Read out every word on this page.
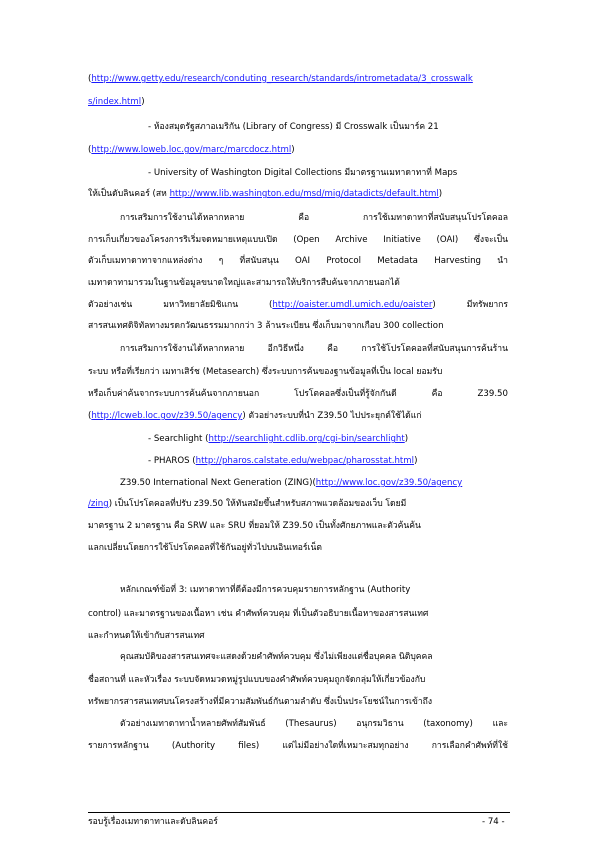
(http://www.getty.edu/research/conduting_research/standards/intrometadata/3_crosswalk
s/index.html)
- ห้องสมุดรัฐสภาอเมริกัน (Library of Congress) มี Crosswalk เป็นมาร์ค 21
(http://www.loweb.loc.gov/marc/marcdocz.html)
- University of Washington Digital Collections มีมาตรฐานเมทาดาทาที่ Maps
ให้เป็นดับลินคอร์ (สห http://www.lib.washington.edu/msd/mig/datadicts/default.html)
การเสริมการใช้งานได้หลากหลาย คือ การใช้เมทาดาทาที่สนับสนุนโปรโตคอล
การเก็บเกี่ยวของโครงการริเริ่มจดหมายเหตุแบบเปิด (Open Archive Initiative (OAI) ซึ่งจะเป็น
ตัวเก็บเมทาดาทาจากแหล่งต่าง ๆ ที่สนับสนุน OAI Protocol Metadata Harvesting นำ
เมทาดาทามารวมในฐานข้อมูลขนาดใหญ่และสามารถให้บริการสืบค้นจากภายนอกได้
ตัวอย่างเช่น มหาวิทยาลัยมิชิแกน (http://oaister.umdl.umich.edu/oaister) มีทรัพยากร
สารสนเทศดิจิทัลทางมรดกวัฒนธรรมมากกว่า 3 ล้านระเบียน ซึ่งเก็บมาจากเกือบ 300 collection
การเสริมการใช้งานได้หลากหลาย อีกวิธีหนึ่ง คือ การใช้โปรโตคอลที่สนับสนุนการค้นร้าน
ระบบ หรือที่เรียกว่า เมทาเสิร์ช (Metasearch) ซึ่งระบบการค้นของฐานข้อมูลที่เป็น local ยอมรับ
หรือเก็บค่าค้นจากระบบการค้นค้นจากภายนอก โปรโตคอลซึ่งเป็นที่รู้จักกันดี คือ Z39.50
(http://lcweb.loc.gov/z39.50/agency) ตัวอย่างระบบที่นำ Z39.50 ไปประยุกต์ใช้ได้แก่
- Searchlight (http://searchlight.cdlib.org/cgi-bin/searchlight)
- PHAROS (http://pharos.calstate.edu/webpac/pharosstat.html)
Z39.50 International Next Generation (ZING)(http://www.loc.gov/z39.50/agency
/zing) เป็นโปรโตคอลที่ปรับ z39.50 ให้ทันสมัยขึ้นสำหรับสภาพแวดล้อมของเว็บ โดยมี
มาตรฐาน 2 มาตรฐาน คือ SRW และ SRU ที่ยอมให้ Z39.50 เป็นทั้งศักยภาพและตัวค้นค้น
แลกเปลี่ยนโดยการใช้โปรโตคอลที่ใช้กันอยู่ทั่วไปบนอินเทอร์เน็ต
หลักเกณฑ์ข้อที่ 3: เมทาดาทาที่ดีต้องมีการควบคุมรายการหลักฐาน (Authority
control) และมาตรฐานของเนื้อหา เช่น คำศัพท์ควบคุม ที่เป็นตัวอธิบายเนื้อหาของสารสนเทศ
และกำหนดให้เข้ากับสารสนเทศ
คุณสมบัติของสารสนเทศจะแสดงด้วยคำศัพท์ควบคุม ซึ่งไม่เพียงแต่ชื่อบุคคล นิติบุคคล
ชื่อสถานที่ และหัวเรื่อง ระบบจัดหมวดหมู่รูปแบบของคำศัพท์ควบคุมถูกจัดกลุ่มให้เกี่ยวข้องกับ
ทรัพยากรสารสนเทศบนโครงสร้างที่มีความสัมพันธ์กันตามลำดับ ซึ่งเป็นประโยชน์ในการเข้าถึง
ตัวอย่างเมทาดาทาน้ำหลายศัพท์สัมพันธ์ (Thesaurus) อนุกรมวิธาน (taxonomy) และ
รายการหลักฐาน (Authority files) แต่ไม่มีอย่างใดที่เหมาะสมทุกอย่าง การเลือกคำศัพท์ที่ใช้
รอบรู้เรื่องเมทาดาทาและดับลินคอร์	- 74 -
